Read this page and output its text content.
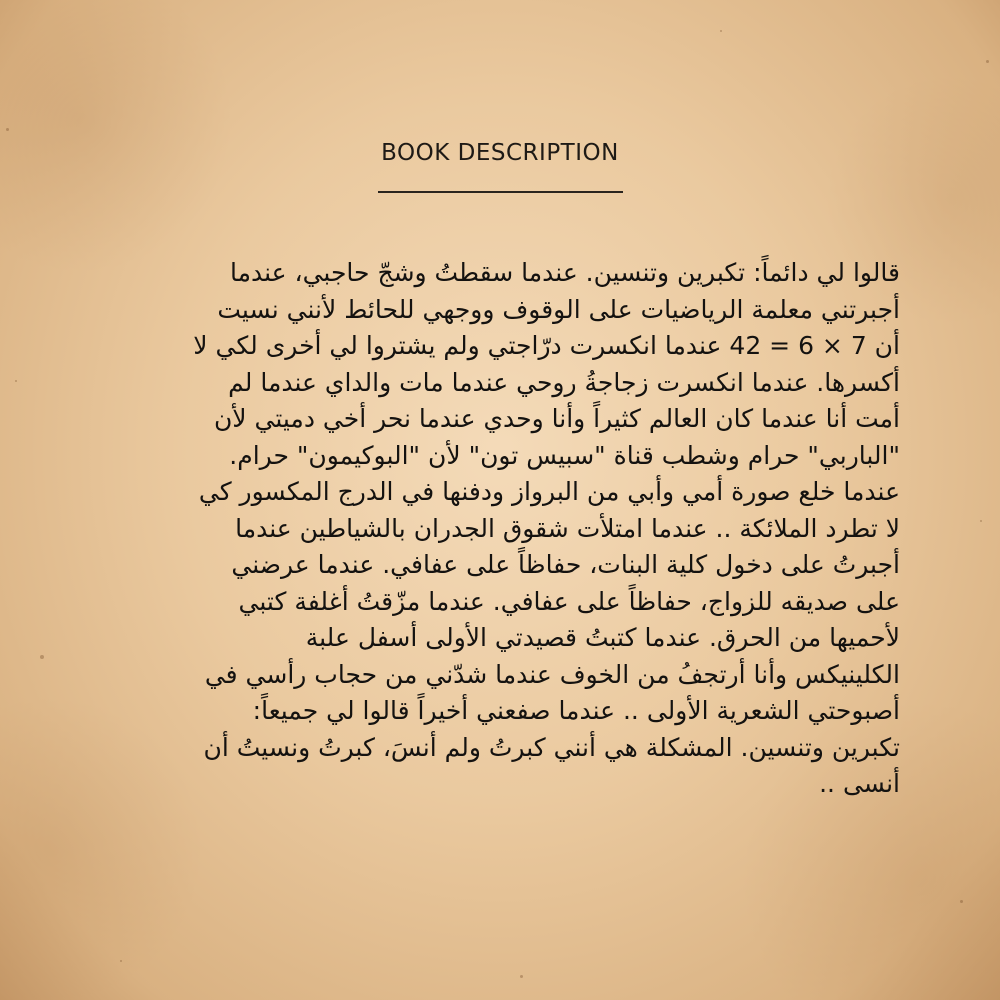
BOOK DESCRIPTION
قالوا لي دائماً: تكبرين وتنسين. عندما سقطتُ وشجّ حاجبي، عندما
أجبرتني معلمة الرياضيات على الوقوف ووجهي للحائط لأنني نسيت
أن 7 × 6 = 42 عندما انكسرت درّاجتي ولم يشتروا لي أخرى لكي لا
أكسرها. عندما انكسرت زجاجةُ روحي عندما مات والداي عندما لم
أمت أنا عندما كان العالم كثيراً وأنا وحدي عندما نحر أخي دميتي لأن
"الباربي" حرام وشطب قناة "سبيس تون" لأن "البوكيمون" حرام.
عندما خلع صورة أمي وأبي من البرواز ودفنها في الدرج المكسور كي
لا تطرد الملائكة .. عندما امتلأت شقوق الجدران بالشياطين عندما
أجبرتُ على دخول كلية البنات، حفاظاً على عفافي. عندما عرضني
على صديقه للزواج، حفاظاً على عفافي. عندما مزّقتُ أغلفة كتبي
لأحميها من الحرق. عندما كتبتُ قصيدتي الأولى أسفل علبة
الكلينيكس وأنا أرتجفُ من الخوف عندما شدّني من حجاب رأسي في
أصبوحتي الشعرية الأولى .. عندما صفعني أخيراً قالوا لي جميعاً:
تكبرين وتنسين. المشكلة هي أنني كبرتُ ولم أنسَ، كبرتُ ونسيتُ أن
أنسى ..
